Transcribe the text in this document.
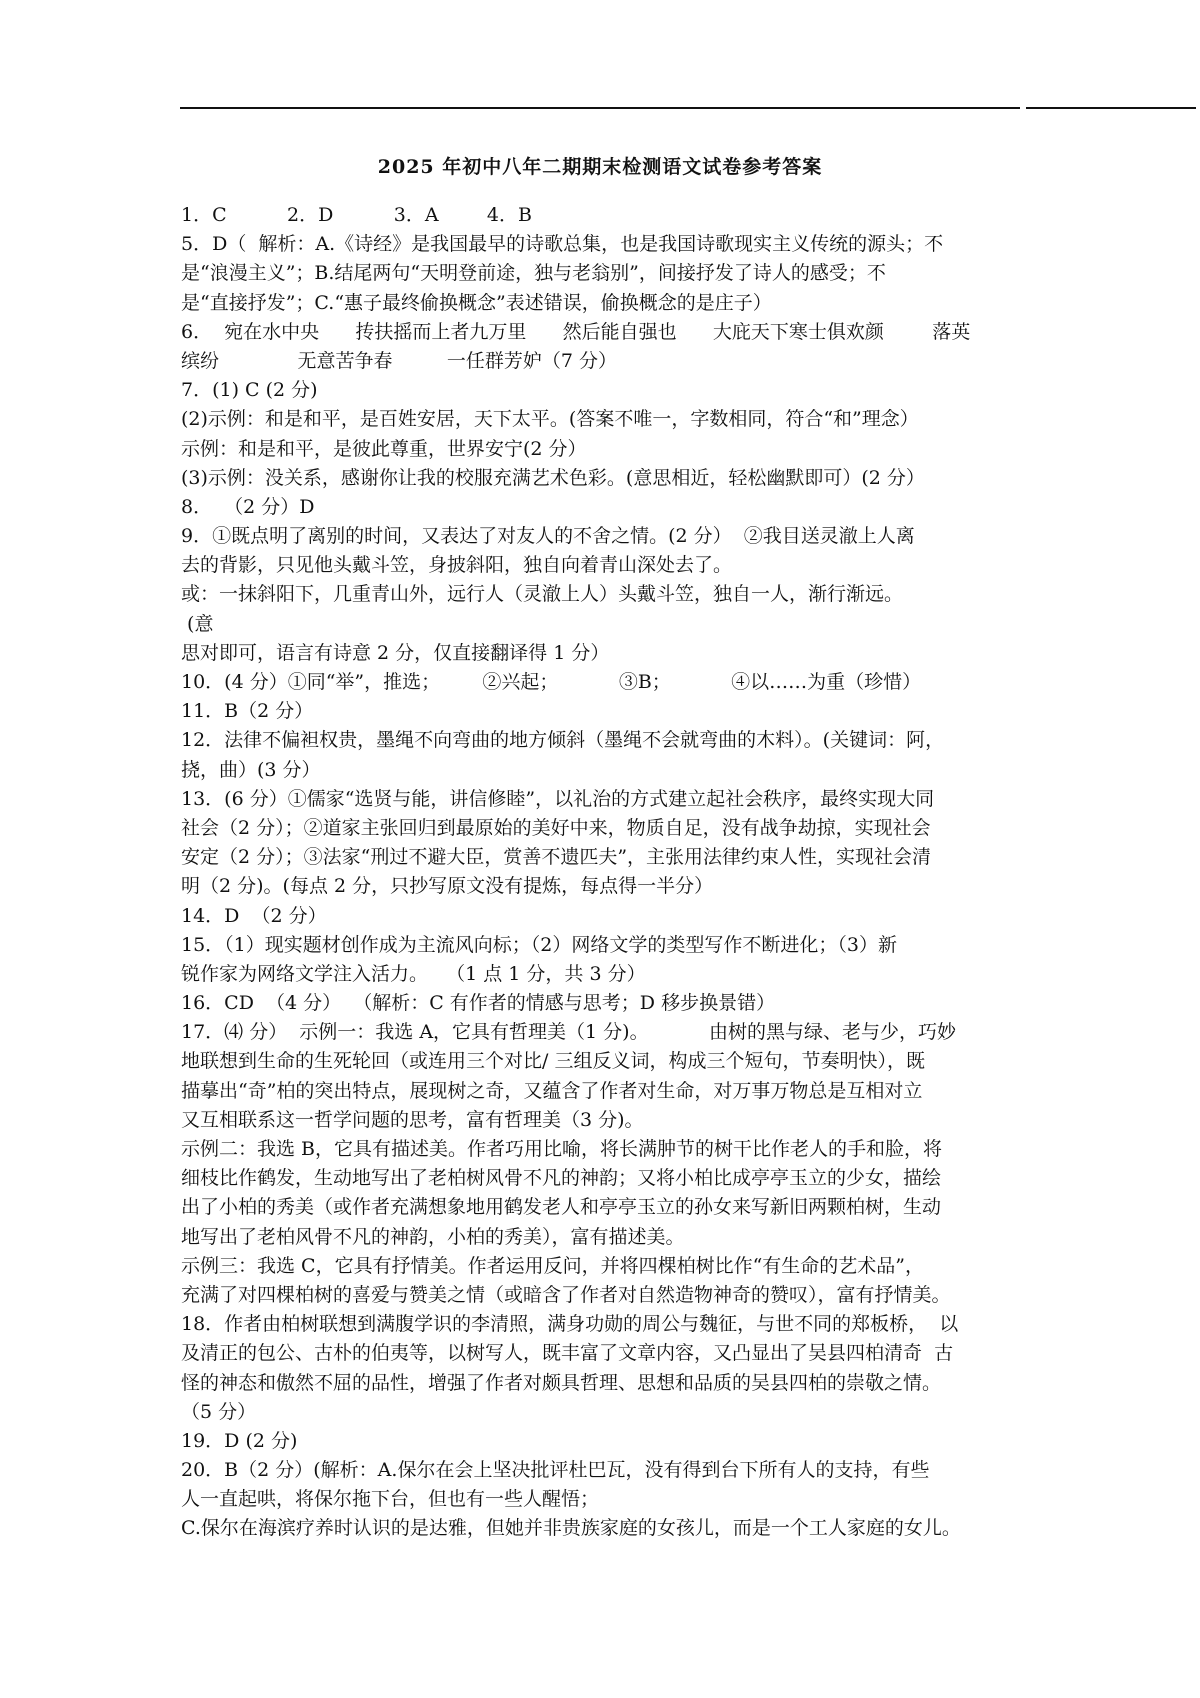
2025 年初中八年二期期末检测语文试卷参考答案
1．C          2．D          3．A        4．B
5．D（  解析：A.《诗经》是我国最早的诗歌总集，也是我国诗歌现实主义传统的源头；不
是“浪漫主义”；B.结尾两句“天明登前途，独与老翁别”，间接抒发了诗人的感受；不
是“直接抒发”；C.“惠子最终偷换概念”表述错误，偷换概念的是庄子）
6．  宛在水中央      抟扶摇而上者九万里      然后能自强也      大庇天下寒士俱欢颜        落英
缤纷             无意苦争春         一任群芳妒（7 分）
7．(1) C (2 分)
(2)示例：和是和平，是百姓安居，天下太平。(答案不唯一，字数相同，符合“和”理念）
示例：和是和平，是彼此尊重，世界安宁(2 分）
(3)示例：没关系，感谢你让我的校服充满艺术色彩。(意思相近，轻松幽默即可）(2 分）
8．  （2 分）D
9．①既点明了离别的时间，又表达了对友人的不舍之情。(2 分）  ②我目送灵澈上人离
去的背影，只见他头戴斗笠，身披斜阳，独自向着青山深处去了。
或：一抹斜阳下，几重青山外，远行人（灵澈上人）头戴斗笠，独自一人，渐行渐远。
(意
思对即可，语言有诗意 2 分，仅直接翻译得 1 分）
10．(4 分）①同“举”，推选；       ②兴起；          ③B；          ④以……为重（珍惜）
11．B（2 分）
12．法律不偏袒权贵，墨绳不向弯曲的地方倾斜（墨绳不会就弯曲的木料）。(关键词：阿，
挠，曲）(3 分）
13．(6 分）①儒家“选贤与能，讲信修睦”，以礼治的方式建立起社会秩序，最终实现大同
社会（2 分）；②道家主张回归到最原始的美好中来，物质自足，没有战争劫掠，实现社会
安定（2 分）；③法家“刑过不避大臣，赏善不遗匹夫”，主张用法律约束人性，实现社会清
明（2 分)。(每点 2 分，只抄写原文没有提炼，每点得一半分）
14．D  （2 分）
15．（1）现实题材创作成为主流风向标；（2）网络文学的类型写作不断进化；（3）新
锐作家为网络文学注入活力。   （1 点 1 分，共 3 分）
16．CD  （4 分）  （解析：C 有作者的情感与思考；D 移步换景错）
17．⑷ 分）  示例一：我选 A，它具有哲理美（1 分)。          由树的黑与绿、老与少，巧妙
地联想到生命的生死轮回（或连用三个对比/ 三组反义词，构成三个短句，节奏明快），既
描摹出“奇”柏的突出特点，展现树之奇，又蕴含了作者对生命，对万事万物总是互相对立
又互相联系这一哲学问题的思考，富有哲理美（3 分)。
示例二：我选 B，它具有描述美。作者巧用比喻，将长满肿节的树干比作老人的手和脸，将
细枝比作鹤发，生动地写出了老柏树风骨不凡的神韵；又将小柏比成亭亭玉立的少女，描绘
出了小柏的秀美（或作者充满想象地用鹤发老人和亭亭玉立的孙女来写新旧两颗柏树，生动
地写出了老柏风骨不凡的神韵，小柏的秀美），富有描述美。
示例三：我选 C，它具有抒情美。作者运用反问，并将四棵柏树比作“有生命的艺术品”，
充满了对四棵柏树的喜爱与赞美之情（或暗含了作者对自然造物神奇的赞叹），富有抒情美。
18．作者由柏树联想到满腹学识的李清照，满身功勋的周公与魏征，与世不同的郑板桥，  以
及清正的包公、古朴的伯夷等，以树写人，既丰富了文章内容，又凸显出了吴县四柏清奇  古
怪的神态和傲然不屈的品性，增强了作者对颇具哲理、思想和品质的吴县四柏的崇敬之情。
（5 分）
19．D (2 分)
20．B（2 分）(解析：A.保尔在会上坚决批评杜巴瓦，没有得到台下所有人的支持，有些
人一直起哄，将保尔拖下台，但也有一些人醒悟；
C.保尔在海滨疗养时认识的是达雅，但她并非贵族家庭的女孩儿，而是一个工人家庭的女儿。
